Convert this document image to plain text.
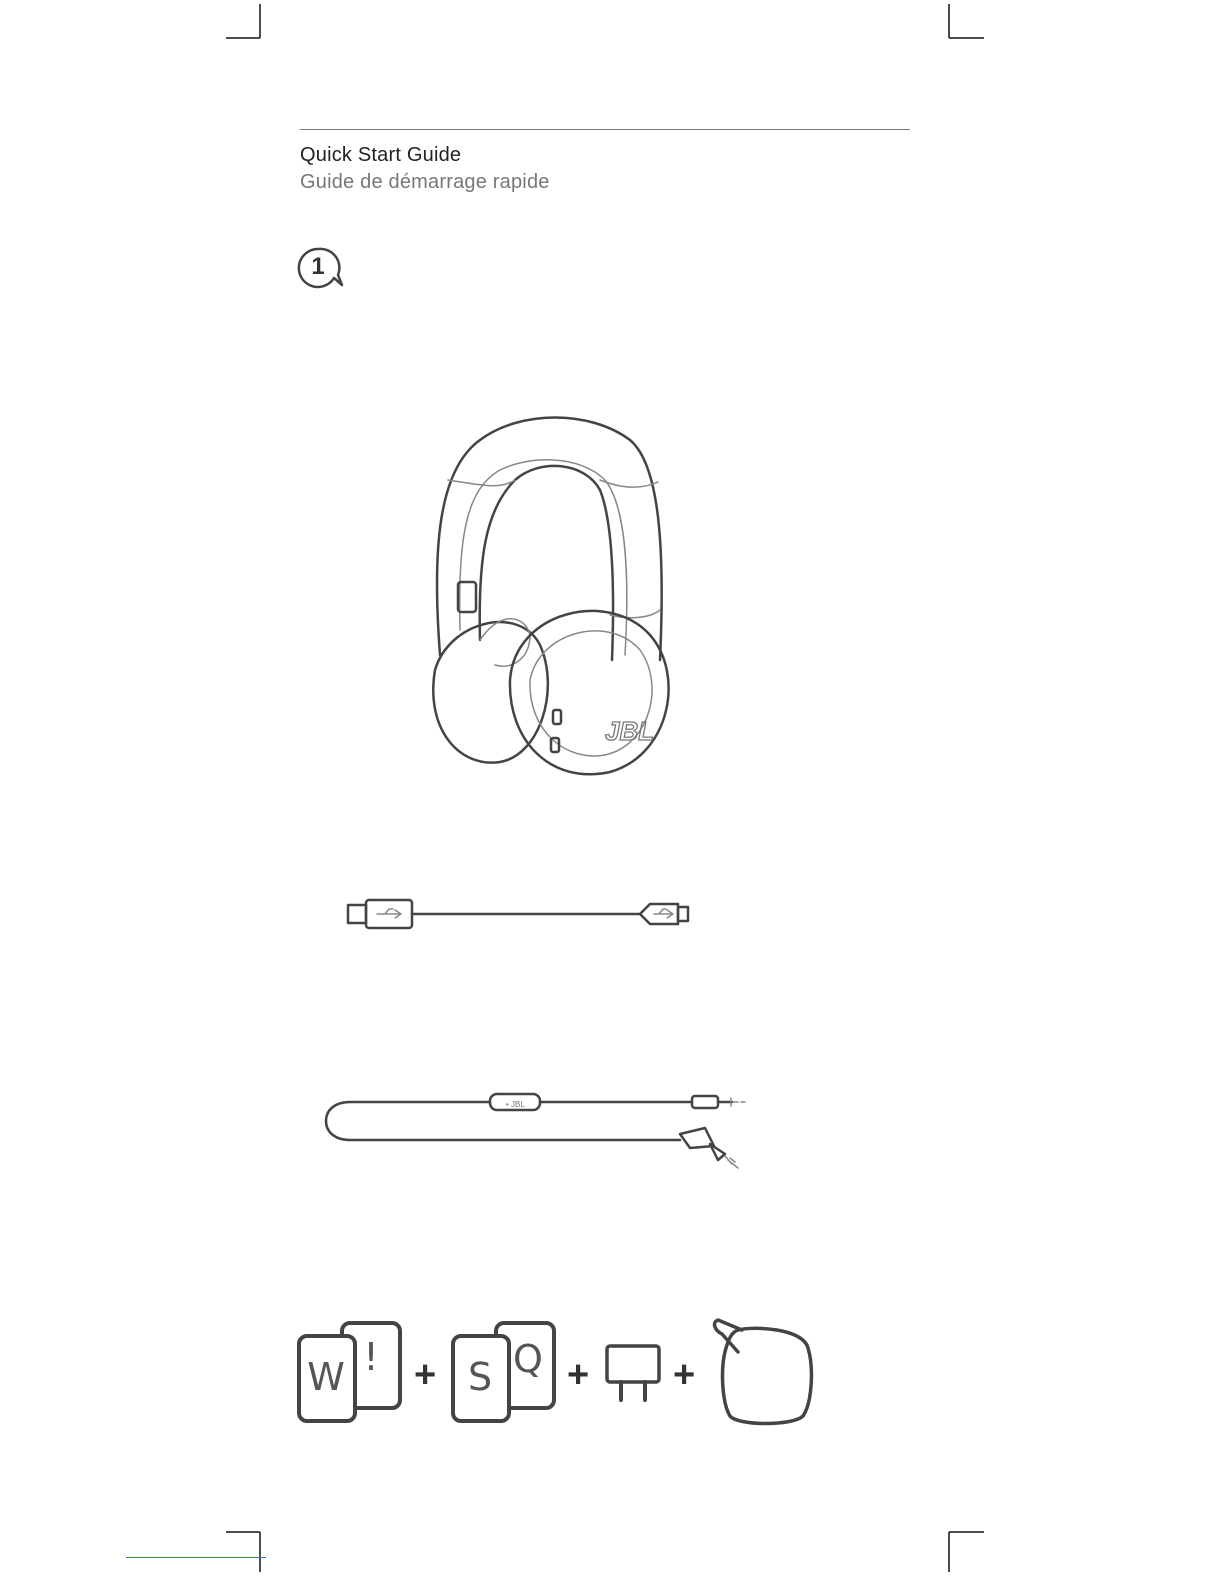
Quick Start Guide
Guide de démarrage rapide
1
JBL
• JBL
W ! + S Q + +
